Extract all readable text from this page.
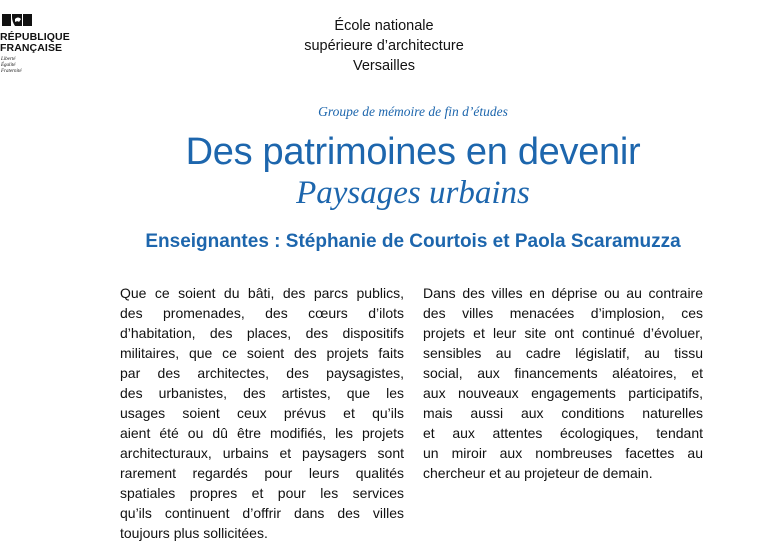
RÉPUBLIQUE
FRANÇAISE
Liberté
Égalité
Fraternité
École nationale
supérieure d’architecture
Versailles
Groupe de mémoire de fin d’études
Des patrimoines en devenir
Paysages urbains
Enseignantes : Stéphanie de Courtois et Paola Scaramuzza
Que ce soient du bâti, des parcs publics,
des promenades, des cœurs d’ilots
d’habitation, des places, des dispositifs
militaires, que ce soient des projets faits
par des architectes, des paysagistes,
des urbanistes, des artistes, que les
usages soient ceux prévus et qu’ils
aient été ou dû être modifiés, les projets
architecturaux, urbains et paysagers sont
rarement regardés pour leurs qualités
spatiales propres et pour les services
qu’ils continuent d’offrir dans des villes
toujours plus sollicitées.
Dans des villes en déprise ou au contraire
des villes menacées d’implosion, ces
projets et leur site ont continué d’évoluer,
sensibles au cadre législatif, au tissu
social, aux financements aléatoires, et
aux nouveaux engagements participatifs,
mais aussi aux conditions naturelles
et aux attentes écologiques, tendant
un miroir aux nombreuses facettes au
chercheur et au projeteur de demain.
